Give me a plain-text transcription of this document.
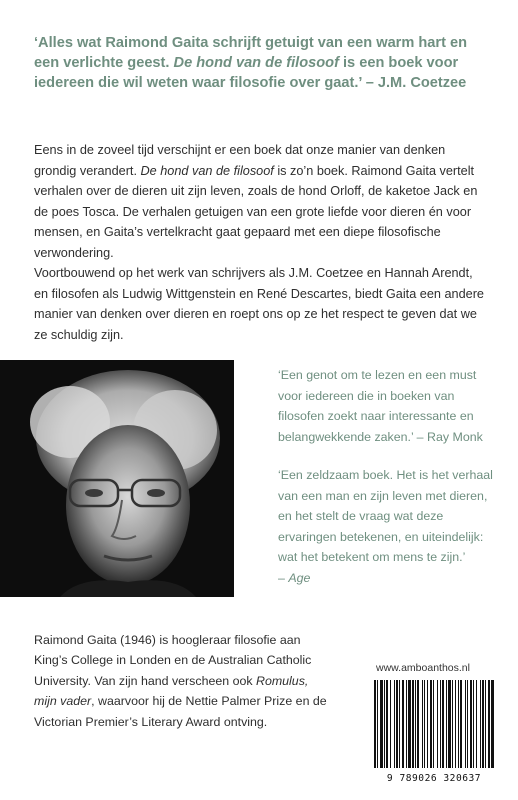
‘Alles wat Raimond Gaita schrijft getuigt van een warm hart en een verlichte geest. De hond van de filosoof is een boek voor iedereen die wil weten waar filosofie over gaat.’ – J.M. Coetzee
Eens in de zoveel tijd verschijnt er een boek dat onze manier van denken grondig verandert. De hond van de filosoof is zo’n boek. Raimond Gaita vertelt verhalen over de dieren uit zijn leven, zoals de hond Orloff, de kaketoe Jack en de poes Tosca. De verhalen getuigen van een grote liefde voor dieren én voor mensen, en Gaita’s vertelkracht gaat gepaard met een diepe filosofische verwondering.
Voortbouwend op het werk van schrijvers als J.M. Coetzee en Hannah Arendt, en filosofen als Ludwig Wittgenstein en René Descartes, biedt Gaita een andere manier van denken over dieren en roept ons op ze het respect te geven dat we ze schuldig zijn.
‘Een genot om te lezen en een must voor iedereen die in boeken van filosofen zoekt naar interessante en belangwekkende zaken.’ – Ray Monk
‘Een zeldzaam boek. Het is het verhaal van een man en zijn leven met dieren, en het stelt de vraag wat deze ervaringen betekenen, en uiteindelijk: wat het betekent om mens te zijn.’
– Age
Raimond Gaita (1946) is hoogleraar filosofie aan King’s College in Londen en de Australian Catholic University. Van zijn hand verscheen ook Romulus, mijn vader, waarvoor hij de Nettie Palmer Prize en de Victorian Premier’s Literary Award ontving.
www.amboanthos.nl
9 789026 320637
